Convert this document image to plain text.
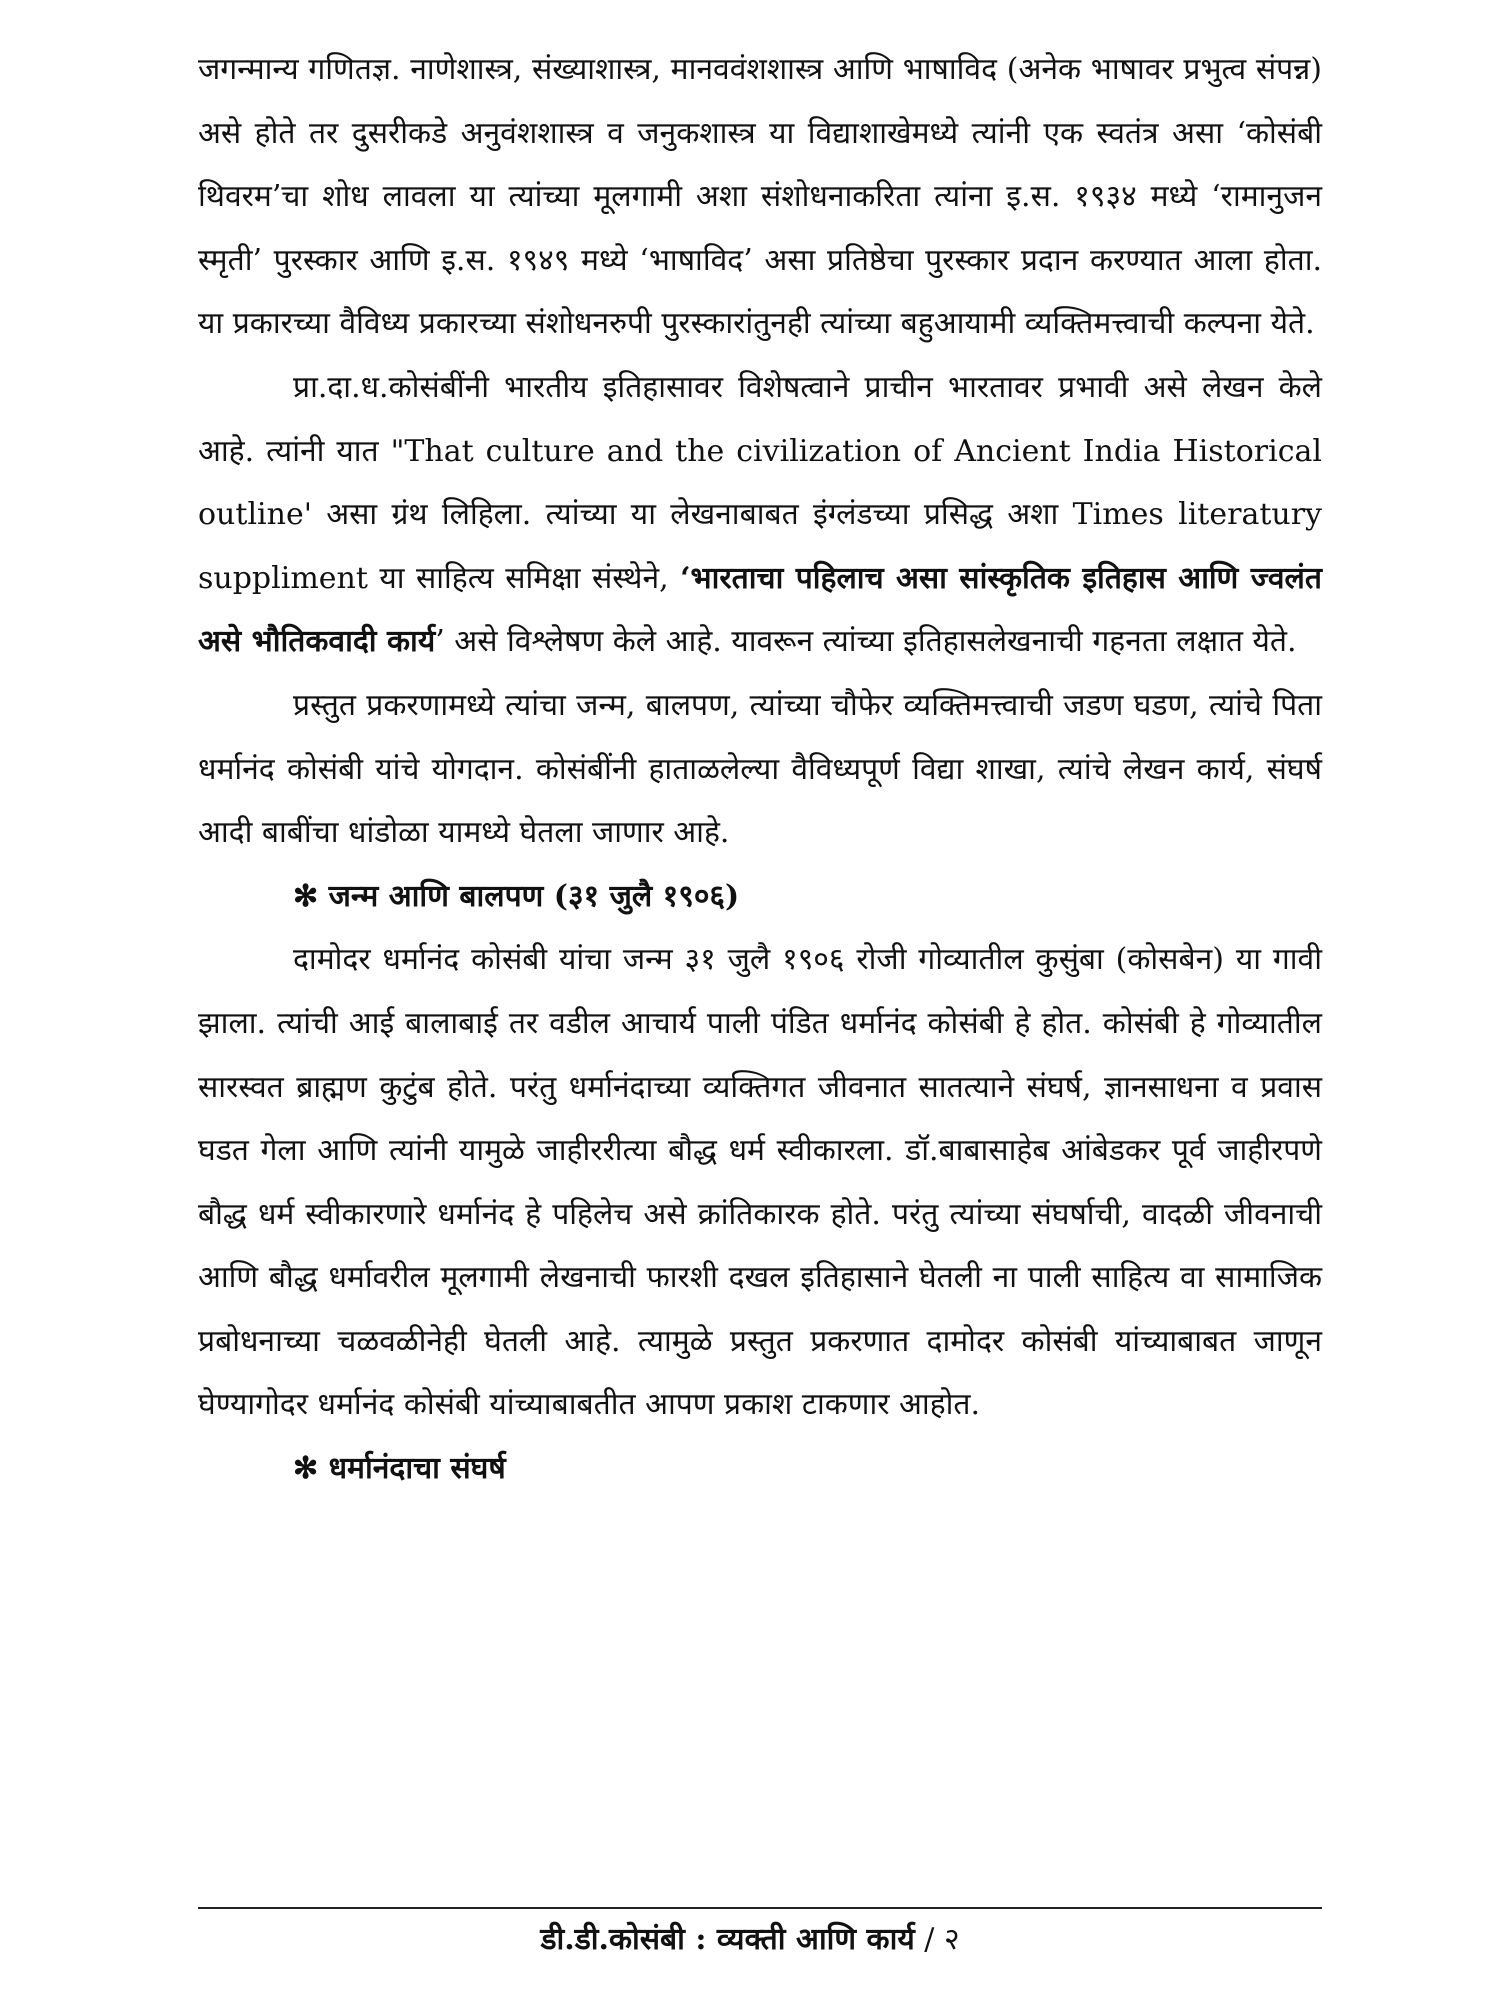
जगन्मान्य गणितज्ञ. नाणेशास्त्र, संख्याशास्त्र, मानववंशशास्त्र आणि भाषाविद (अनेक भाषावर प्रभुत्व संपन्न) असे होते तर दुसरीकडे अनुवंशशास्त्र व जनुकशास्त्र या विद्याशाखेमध्ये त्यांनी एक स्वतंत्र असा ‘कोसंबी थिवरम’चा शोध लावला या त्यांच्या मूलगामी अशा संशोधनाकरिता त्यांना इ.स. १९३४ मध्ये ‘रामानुजन स्मृती’ पुरस्कार आणि इ.स. १९४९ मध्ये ‘भाषाविद’ असा प्रतिष्ठेचा पुरस्कार प्रदान करण्यात आला होता. या प्रकारच्या वैविध्य प्रकारच्या संशोधनरुपी पुरस्कारांतुनही त्यांच्या बहुआयामी व्यक्तिमत्त्वाची कल्पना येते.

प्रा.दा.ध.कोसंबींनी भारतीय इतिहासावर विशेषत्वाने प्राचीन भारतावर प्रभावी असे लेखन केले आहे. त्यांनी यात "That culture and the civilization of Ancient India Historical outline' असा ग्रंथ लिहिला. त्यांच्या या लेखनाबाबत इंग्लंडच्या प्रसिद्ध अशा Times literatury suppliment या साहित्य समिक्षा संस्थेने, ‘भारताचा पहिलाच असा सांस्कृतिक इतिहास आणि ज्वलंत असे भौतिकवादी कार्य’ असे विश्लेषण केले आहे. यावरून त्यांच्या इतिहासलेखनाची गहनता लक्षात येते.

प्रस्तुत प्रकरणामध्ये त्यांचा जन्म, बालपण, त्यांच्या चौफेर व्यक्तिमत्त्वाची जडण घडण, त्यांचे पिता धर्मानंद कोसंबी यांचे योगदान. कोसंबींनी हाताळलेल्या वैविध्यपूर्ण विद्या शाखा, त्यांचे लेखन कार्य, संघर्ष आदी बाबींचा धांडोळा यामध्ये घेतला जाणार आहे.

✻ जन्म आणि बालपण (३१ जुलै १९०६)

दामोदर धर्मानंद कोसंबी यांचा जन्म ३१ जुलै १९०६ रोजी गोव्यातील कुसुंबा (कोसबेन) या गावी झाला. त्यांची आई बालाबाई तर वडील आचार्य पाली पंडित धर्मानंद कोसंबी हे होत. कोसंबी हे गोव्यातील सारस्वत ब्राह्मण कुटुंब होते. परंतु धर्मानंदाच्या व्यक्तिगत जीवनात सातत्याने संघर्ष, ज्ञानसाधना व प्रवास घडत गेला आणि त्यांनी यामुळे जाहीररीत्या बौद्ध धर्म स्वीकारला. डॉ.बाबासाहेब आंबेडकर पूर्व जाहीरपणे बौद्ध धर्म स्वीकारणारे धर्मानंद हे पहिलेच असे क्रांतिकारक होते. परंतु त्यांच्या संघर्षाची, वादळी जीवनाची आणि बौद्ध धर्मावरील मूलगामी लेखनाची फारशी दखल इतिहासाने घेतली ना पाली साहित्य वा सामाजिक प्रबोधनाच्या चळवळीनेही घेतली आहे. त्यामुळे प्रस्तुत प्रकरणात दामोदर कोसंबी यांच्याबाबत जाणून घेण्यागोदर धर्मानंद कोसंबी यांच्याबाबतीत आपण प्रकाश टाकणार आहोत.

✻ धर्मानंदाचा संघर्ष

डी.डी.कोसंबी : व्यक्ती आणि कार्य / २
